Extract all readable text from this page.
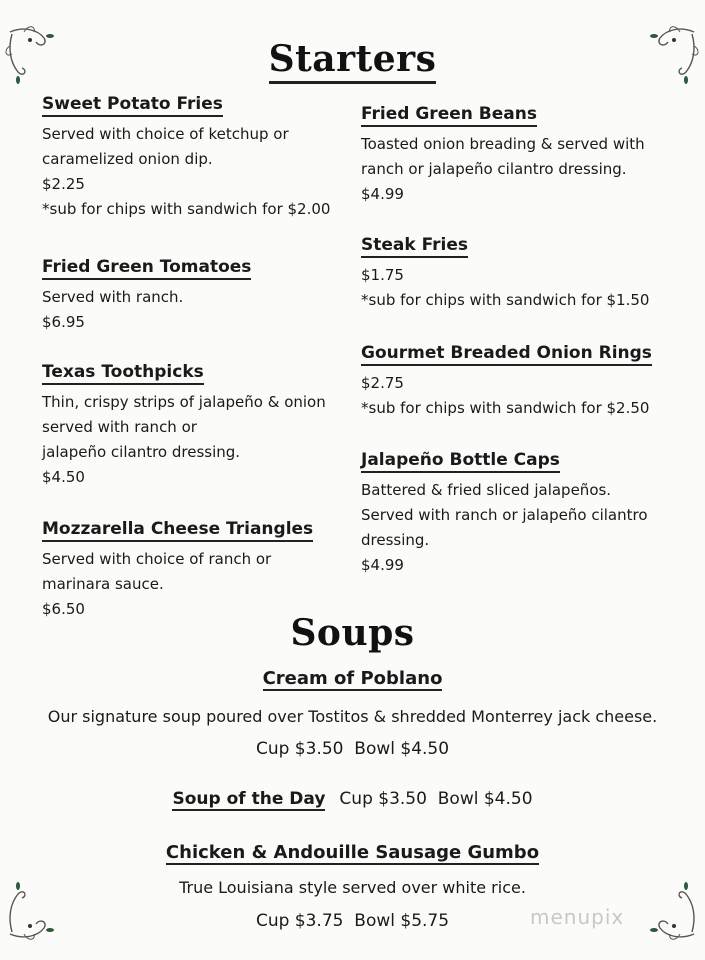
Starters
Sweet Potato Fries
Served with choice of ketchup or
caramelized onion dip.
$2.25
*sub for chips with sandwich for $2.00
Fried Green Tomatoes
Served with ranch.
$6.95
Texas Toothpicks
Thin, crispy strips of jalapeño & onion
served with ranch or
jalapeño cilantro dressing.
$4.50
Mozzarella Cheese Triangles
Served with choice of ranch or
marinara sauce.
$6.50
Fried Green Beans
Toasted onion breading & served with
ranch or jalapeño cilantro dressing.
$4.99
Steak Fries
$1.75
*sub for chips with sandwich for $1.50
Gourmet Breaded Onion Rings
$2.75
*sub for chips with sandwich for $2.50
Jalapeño Bottle Caps
Battered & fried sliced jalapeños.
Served with ranch or jalapeño cilantro
dressing.
$4.99
Soups
Cream of Poblano
Our signature soup poured over Tostitos & shredded Monterrey jack cheese.
Cup $3.50 Bowl $4.50
Soup of the Day Cup $3.50 Bowl $4.50
Chicken & Andouille Sausage Gumbo
True Louisiana style served over white rice.
Cup $3.75 Bowl $5.75	menupix
